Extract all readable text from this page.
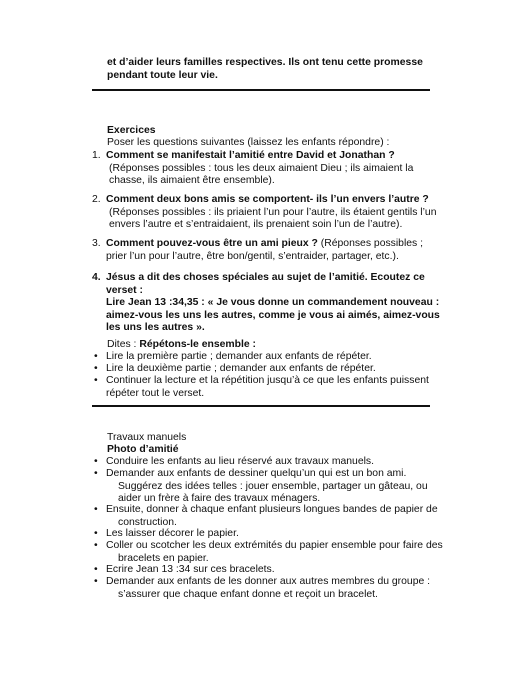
et d’aider leurs familles respectives. Ils ont tenu cette promesse
pendant toute leur vie.
Exercices
Poser les questions suivantes (laissez les enfants répondre) :
1. Comment se manifestait l’amitié entre David et Jonathan ?
(Réponses possibles : tous les deux aimaient Dieu ; ils aimaient la
chasse, ils aimaient être ensemble).
2. Comment deux bons amis se comportent- ils l’un envers l’autre ?
(Réponses possibles : ils priaient l’un pour l’autre, ils étaient gentils l’un
envers l’autre et s’entraidaient, ils prenaient soin l’un de l’autre).
3. Comment pouvez-vous être un ami pieux ? (Réponses possibles ;
prier l’un pour l’autre, être bon/gentil, s’entraider, partager, etc.).
4. Jésus a dit des choses spéciales au sujet de l’amitié. Ecoutez ce
verset :
Lire Jean 13 :34,35 : « Je vous donne un commandement nouveau :
aimez-vous les uns les autres, comme je vous ai aimés, aimez-vous
les uns les autres ».
Dites : Répétons-le ensemble :
• Lire la première partie ; demander aux enfants de répéter.
• Lire la deuxième partie ; demander aux enfants de répéter.
• Continuer la lecture et la répétition jusqu’à ce que les enfants puissent
répéter tout le verset.
Travaux manuels
Photo d’amitié
• Conduire les enfants au lieu réservé aux travaux manuels.
• Demander aux enfants de dessiner quelqu’un qui est un bon ami.
Suggérez des idées telles : jouer ensemble, partager un gâteau, ou
aider un frère à faire des travaux ménagers.
• Ensuite, donner à chaque enfant plusieurs longues bandes de papier de
construction.
• Les laisser décorer le papier.
• Coller ou scotcher les deux extrémités du papier ensemble pour faire des
bracelets en papier.
• Ecrire Jean 13 :34 sur ces bracelets.
• Demander aux enfants de les donner aux autres membres du groupe :
s’assurer que chaque enfant donne et reçoit un bracelet.
